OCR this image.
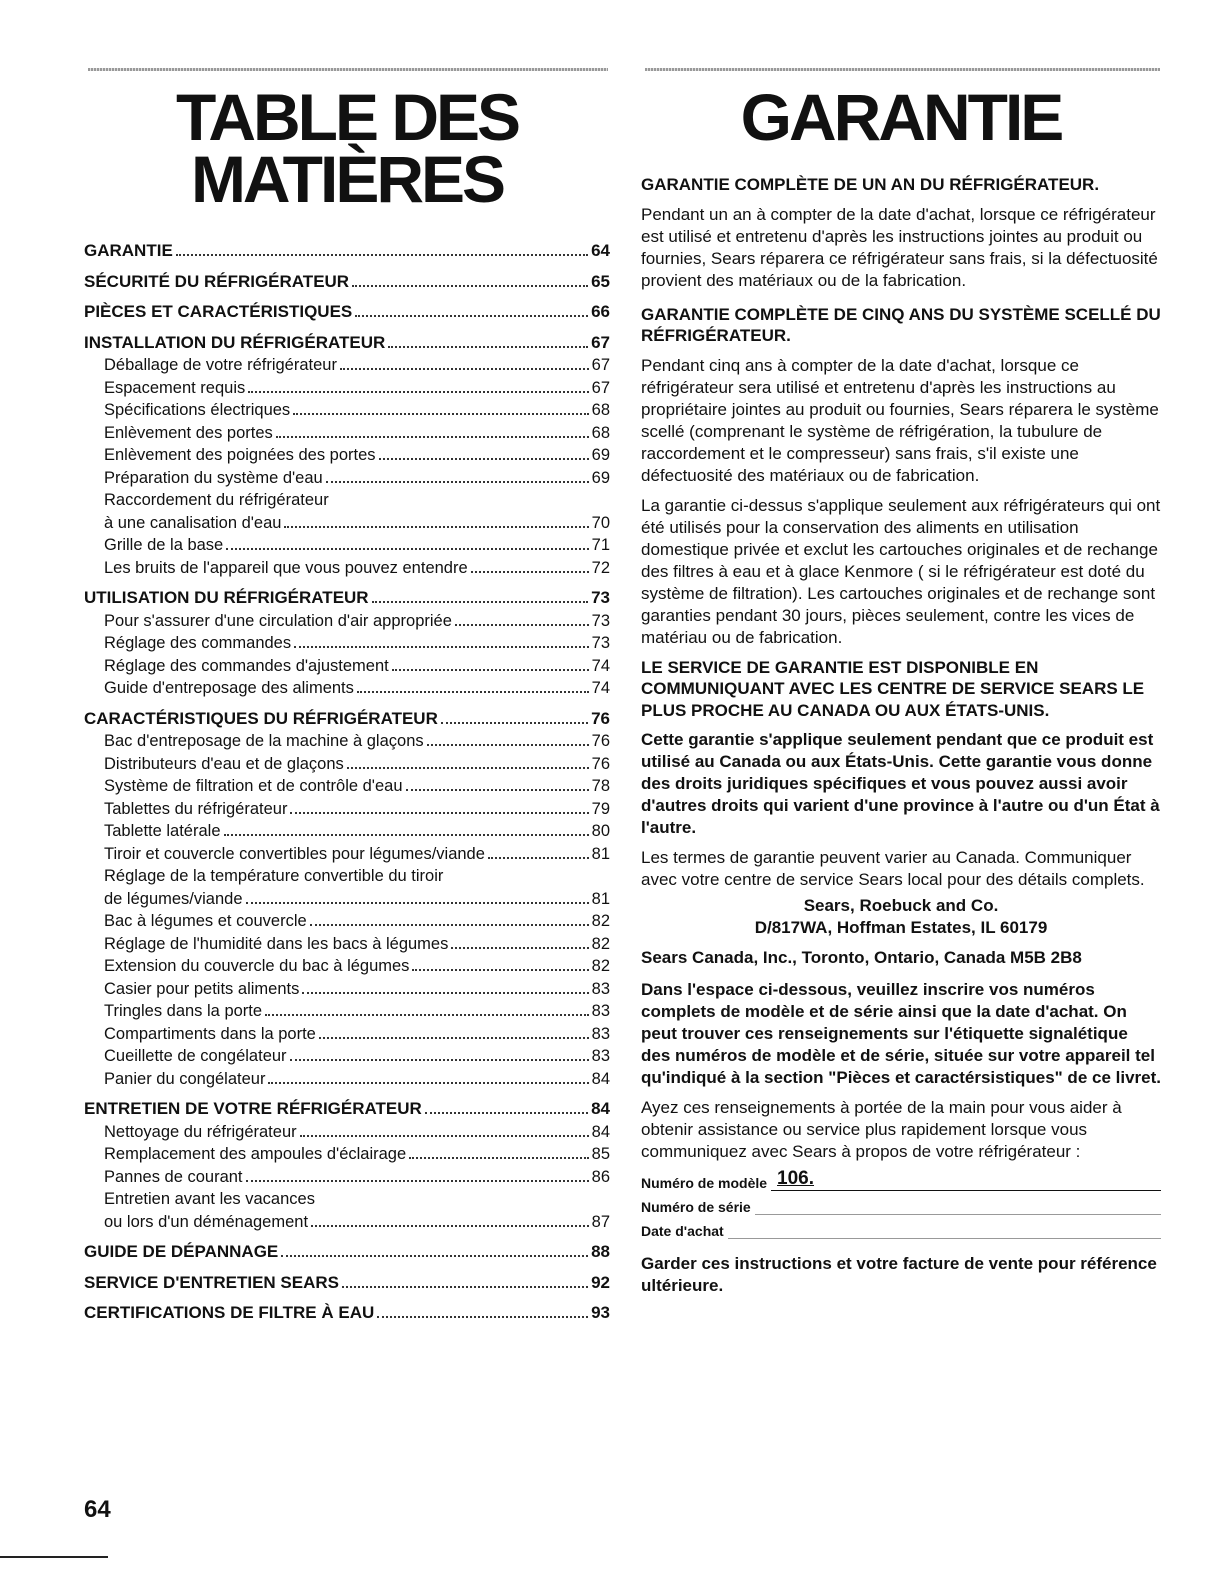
TABLE DES
MATIÈRES
GARANTIE	64
SÉCURITÉ DU RÉFRIGÉRATEUR	65
PIÈCES ET CARACTÉRISTIQUES	66
INSTALLATION DU RÉFRIGÉRATEUR	67
Déballage de votre réfrigérateur	67
Espacement requis	67
Spécifications électriques	68
Enlèvement des portes	68
Enlèvement des poignées des portes	69
Préparation du système d'eau	69
Raccordement du réfrigérateur
à une canalisation d'eau	70
Grille de la base	71
Les bruits de l'appareil que vous pouvez entendre	72
UTILISATION DU RÉFRIGÉRATEUR	73
Pour s'assurer d'une circulation d'air appropriée	73
Réglage des commandes	73
Réglage des commandes d'ajustement	74
Guide d'entreposage des aliments	74
CARACTÉRISTIQUES DU RÉFRIGÉRATEUR	76
Bac d'entreposage de la machine à glaçons	76
Distributeurs d'eau et de glaçons	76
Système de filtration et de contrôle d'eau	78
Tablettes du réfrigérateur	79
Tablette latérale	80
Tiroir et couvercle convertibles pour légumes/viande	81
Réglage de la température convertible du tiroir
de légumes/viande	81
Bac à légumes et couvercle	82
Réglage de l'humidité dans les bacs à légumes	82
Extension du couvercle du bac à légumes	82
Casier pour petits aliments	83
Tringles dans la porte	83
Compartiments dans la porte	83
Cueillette de congélateur	83
Panier du congélateur	84
ENTRETIEN DE VOTRE RÉFRIGÉRATEUR	84
Nettoyage du réfrigérateur	84
Remplacement des ampoules d'éclairage	85
Pannes de courant	86
Entretien avant les vacances
ou lors d'un déménagement	87
GUIDE DE DÉPANNAGE	88
SERVICE D'ENTRETIEN SEARS	92
CERTIFICATIONS DE FILTRE À EAU	93
GARANTIE
GARANTIE COMPLÈTE DE UN AN DU RÉFRIGÉRATEUR.
Pendant un an à compter de la date d'achat, lorsque ce réfrigérateur est utilisé et entretenu d'après les instructions jointes au produit ou fournies, Sears réparera ce réfrigérateur sans frais, si la défectuosité provient des matériaux ou de la fabrication.
GARANTIE COMPLÈTE DE CINQ ANS DU SYSTÈME SCELLÉ DU RÉFRIGÉRATEUR.
Pendant cinq ans à compter de la date d'achat, lorsque ce réfrigérateur sera utilisé et entretenu d'après les instructions au propriétaire jointes au produit ou fournies, Sears réparera le système scellé (comprenant le système de réfrigération, la tubulure de raccordement et le compresseur) sans frais, s'il existe une défectuosité des matériaux ou de fabrication.
La garantie ci-dessus s'applique seulement aux réfrigérateurs qui ont été utilisés pour la conservation des aliments en utilisation domestique privée et exclut les cartouches originales et de rechange des filtres à eau et à glace Kenmore ( si le réfrigérateur est doté du système de filtration). Les cartouches originales et de rechange sont garanties pendant 30 jours, pièces seulement, contre les vices de matériau ou de fabrication.
LE SERVICE DE GARANTIE EST DISPONIBLE EN COMMUNIQUANT AVEC LES CENTRE DE SERVICE SEARS LE PLUS PROCHE AU CANADA OU AUX ÉTATS-UNIS.
Cette garantie s'applique seulement pendant que ce produit est utilisé au Canada ou aux États-Unis. Cette garantie vous donne des droits juridiques spécifiques et vous pouvez aussi avoir d'autres droits qui varient d'une province à l'autre ou d'un État à l'autre.
Les termes de garantie peuvent varier au Canada. Communiquer avec votre centre de service Sears local pour des détails complets.
Sears, Roebuck and Co.
D/817WA, Hoffman Estates, IL 60179
Sears Canada, Inc., Toronto, Ontario, Canada M5B 2B8
Dans l'espace ci-dessous, veuillez inscrire vos numéros complets de modèle et de série ainsi que la date d'achat. On peut trouver ces renseignements sur l'étiquette signalétique des numéros de modèle et de série, située sur votre appareil tel qu'indiqué à la section "Pièces et caractérsistiques" de ce livret.
Ayez ces renseignements à portée de la main pour vous aider à obtenir assistance ou service plus rapidement lorsque vous communiquez avec Sears à propos de votre réfrigérateur :
Numéro de modèle 106.
Numéro de série
Date d'achat
Garder ces instructions et votre facture de vente pour référence ultérieure.
64
